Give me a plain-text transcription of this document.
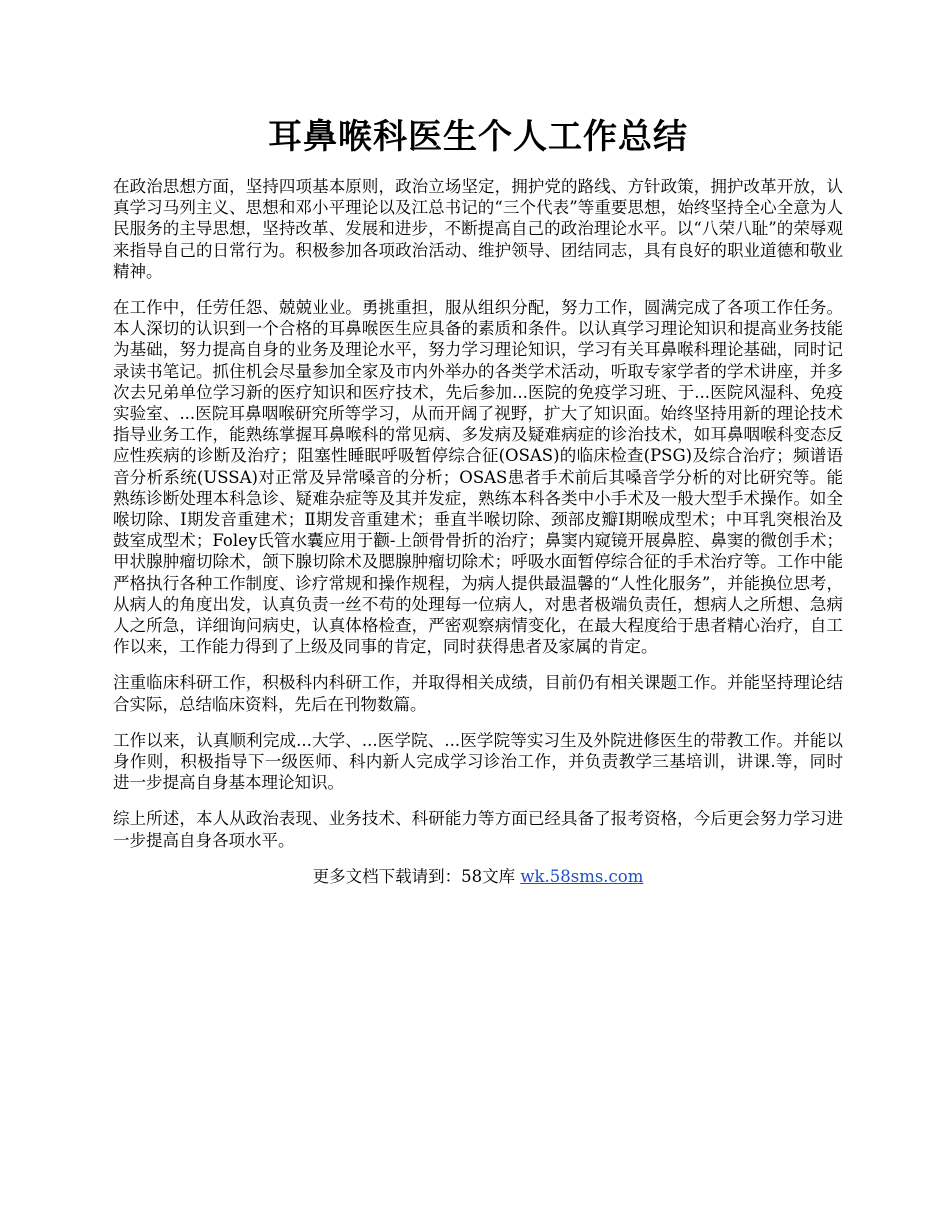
耳鼻喉科医生个人工作总结

在政治思想方面，坚持四项基本原则，政治立场坚定，拥护党的路线、方针政策，拥护改革开放，认真学习马列主义、思想和邓小平理论以及江总书记的“三个代表”等重要思想，始终坚持全心全意为人民服务的主导思想，坚持改革、发展和进步，不断提高自己的政治理论水平。以“八荣八耻”的荣辱观来指导自己的日常行为。积极参加各项政治活动、维护领导、团结同志，具有良好的职业道德和敬业精神。

在工作中，任劳任怨、兢兢业业。勇挑重担，服从组织分配，努力工作，圆满完成了各项工作任务。本人深切的认识到一个合格的耳鼻喉医生应具备的素质和条件。以认真学习理论知识和提高业务技能为基础，努力提高自身的业务及理论水平，努力学习理论知识，学习有关耳鼻喉科理论基础，同时记录读书笔记。抓住机会尽量参加全家及市内外举办的各类学术活动，听取专家学者的学术讲座，并多次去兄弟单位学习新的医疗知识和医疗技术，先后参加...医院的免疫学习班、于...医院风湿科、免疫实验室、...医院耳鼻咽喉研究所等学习，从而开阔了视野，扩大了知识面。始终坚持用新的理论技术指导业务工作，能熟练掌握耳鼻喉科的常见病、多发病及疑难病症的诊治技术，如耳鼻咽喉科变态反应性疾病的诊断及治疗；阻塞性睡眠呼吸暂停综合征(OSAS)的临床检查(PSG)及综合治疗；频谱语音分析系统(USSA)对正常及异常嗓音的分析；OSAS患者手术前后其嗓音学分析的对比研究等。能熟练诊断处理本科急诊、疑难杂症等及其并发症，熟练本科各类中小手术及一般大型手术操作。如全喉切除、Ⅰ期发音重建术；Ⅱ期发音重建术；垂直半喉切除、颈部皮瓣Ⅰ期喉成型术；中耳乳突根治及鼓室成型术；Foley氏管水囊应用于颧-上颌骨骨折的治疗；鼻窦内窥镜开展鼻腔、鼻窦的微创手术；甲状腺肿瘤切除术，颌下腺切除术及腮腺肿瘤切除术；呼吸水面暂停综合征的手术治疗等。工作中能严格执行各种工作制度、诊疗常规和操作规程，为病人提供最温馨的“人性化服务”，并能换位思考，从病人的角度出发，认真负责一丝不苟的处理每一位病人，对患者极端负责任，想病人之所想、急病人之所急，详细询问病史，认真体格检查，严密观察病情变化，在最大程度给于患者精心治疗，自工作以来，工作能力得到了上级及同事的肯定，同时获得患者及家属的肯定。

注重临床科研工作，积极科内科研工作，并取得相关成绩，目前仍有相关课题工作。并能坚持理论结合实际，总结临床资料，先后在刊物数篇。

工作以来，认真顺利完成...大学、...医学院、...医学院等实习生及外院进修医生的带教工作。并能以身作则，积极指导下一级医师、科内新人完成学习诊治工作，并负责教学三基培训，讲课.等，同时进一步提高自身基本理论知识。

综上所述，本人从政治表现、业务技术、科研能力等方面已经具备了报考资格，今后更会努力学习进一步提高自身各项水平。

更多文档下载请到：58文库 wk.58sms.com
